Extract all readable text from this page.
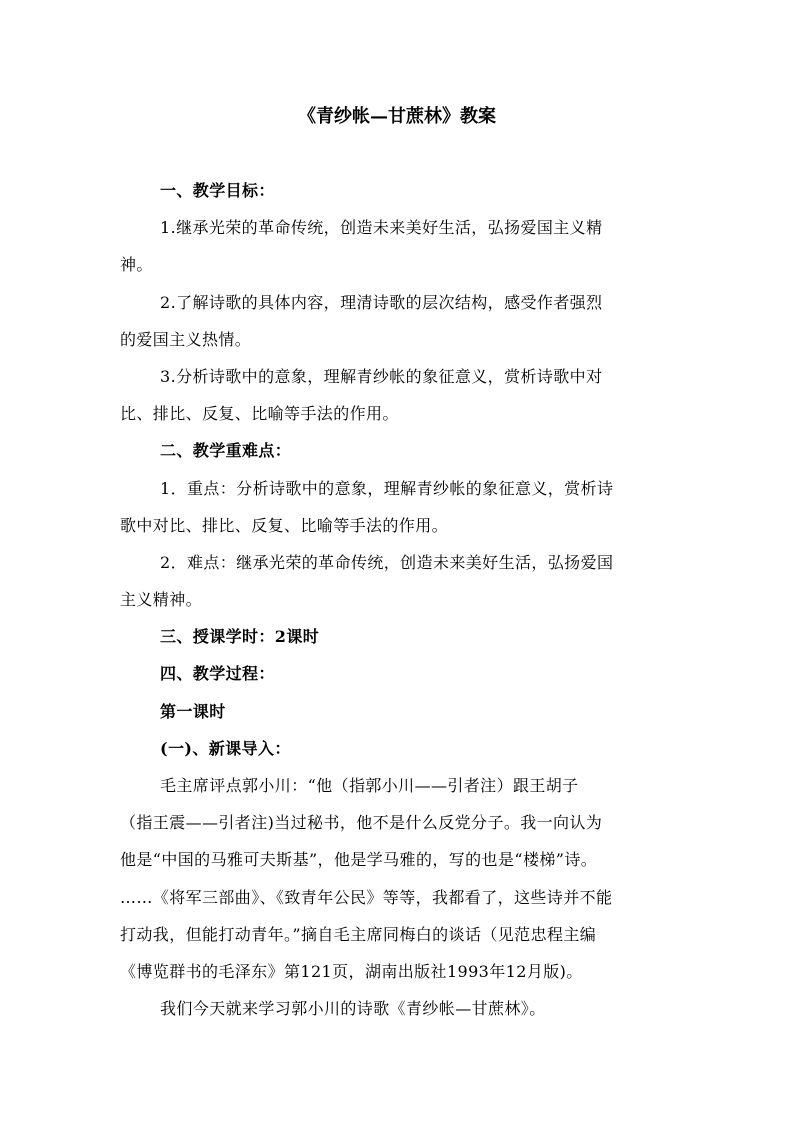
《青纱帐—甘蔗林》教案
一、教学目标：
1.继承光荣的革命传统，创造未来美好生活，弘扬爱国主义精
神。
2.了解诗歌的具体内容，理清诗歌的层次结构，感受作者强烈
的爱国主义热情。
3.分析诗歌中的意象，理解青纱帐的象征意义，赏析诗歌中对
比、排比、反复、比喻等手法的作用。
二、教学重难点：
1．重点：分析诗歌中的意象，理解青纱帐的象征意义，赏析诗
歌中对比、排比、反复、比喻等手法的作用。
2．难点：继承光荣的革命传统，创造未来美好生活，弘扬爱国
主义精神。
三、授课学时：2课时
四、教学过程：
第一课时
(一)、新课导入：
毛主席评点郭小川：“他（指郭小川——引者注）跟王胡子
（指王震——引者注)当过秘书，他不是什么反党分子。我一向认为
他是“中国的马雅可夫斯基”，他是学马雅的，写的也是“楼梯”诗。
……《将军三部曲》、《致青年公民》等等，我都看了，这些诗并不能
打动我，但能打动青年。”摘自毛主席同梅白的谈话（见范忠程主编
《博览群书的毛泽东》第121页，湖南出版社1993年12月版)。
我们今天就来学习郭小川的诗歌《青纱帐—甘蔗林》。
